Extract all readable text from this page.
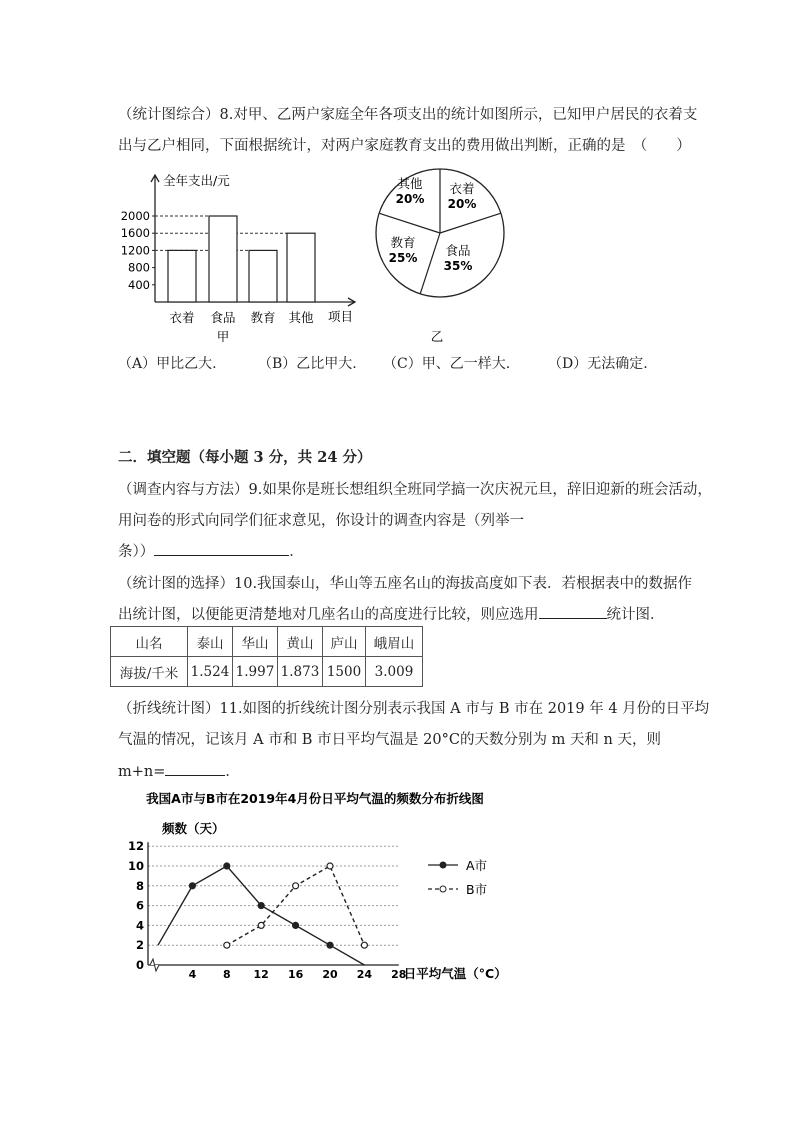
（统计图综合）8.对甲、乙两户家庭全年各项支出的统计如图所示，已知甲户居民的衣着支
出与乙户相同，下面根据统计，对两户家庭教育支出的费用做出判断，正确的是　（　　）
全年支出/元
项目
400
800
1200
1600
2000
衣着 食品 教育 其他
甲
衣着
20%
食品
35%
教育
25%
其他
20%
乙
（A）甲比乙大.	（B）乙比甲大. （C）甲、乙一样大.	（D）无法确定.
二．填空题（每小题 3 分，共 24 分）
（调查内容与方法）9.如果你是班长想组织全班同学搞一次庆祝元旦，辞旧迎新的班会活动，
用问卷的形式向同学们征求意见，你设计的调查内容是（列举一
条））	．
（统计图的选择）10.我国泰山，华山等五座名山的海拔高度如下表．若根据表中的数据作
出统计图，以便能更清楚地对几座名山的高度进行比较，则应选用	统计图．
山名	泰山	华山	黄山	庐山	峨眉山
海拔/千米	1.524	1.997	1.873	1500	3.009
（折线统计图）11.如图的折线统计图分别表示我国 A 市与 B 市在 2019 年 4 月份的日平均
气温的情况，记该月 A 市和 B 市日平均气温是 20°C的天数分别为 m 天和 n 天，则
m+n=	．
我国A市与B市在2019年4月份日平均气温的频数分布折线图
频数（天）
0
2
4
6
8
10
12
4 8 12 16 20 24 28
日平均气温（°C）
A市
B市
